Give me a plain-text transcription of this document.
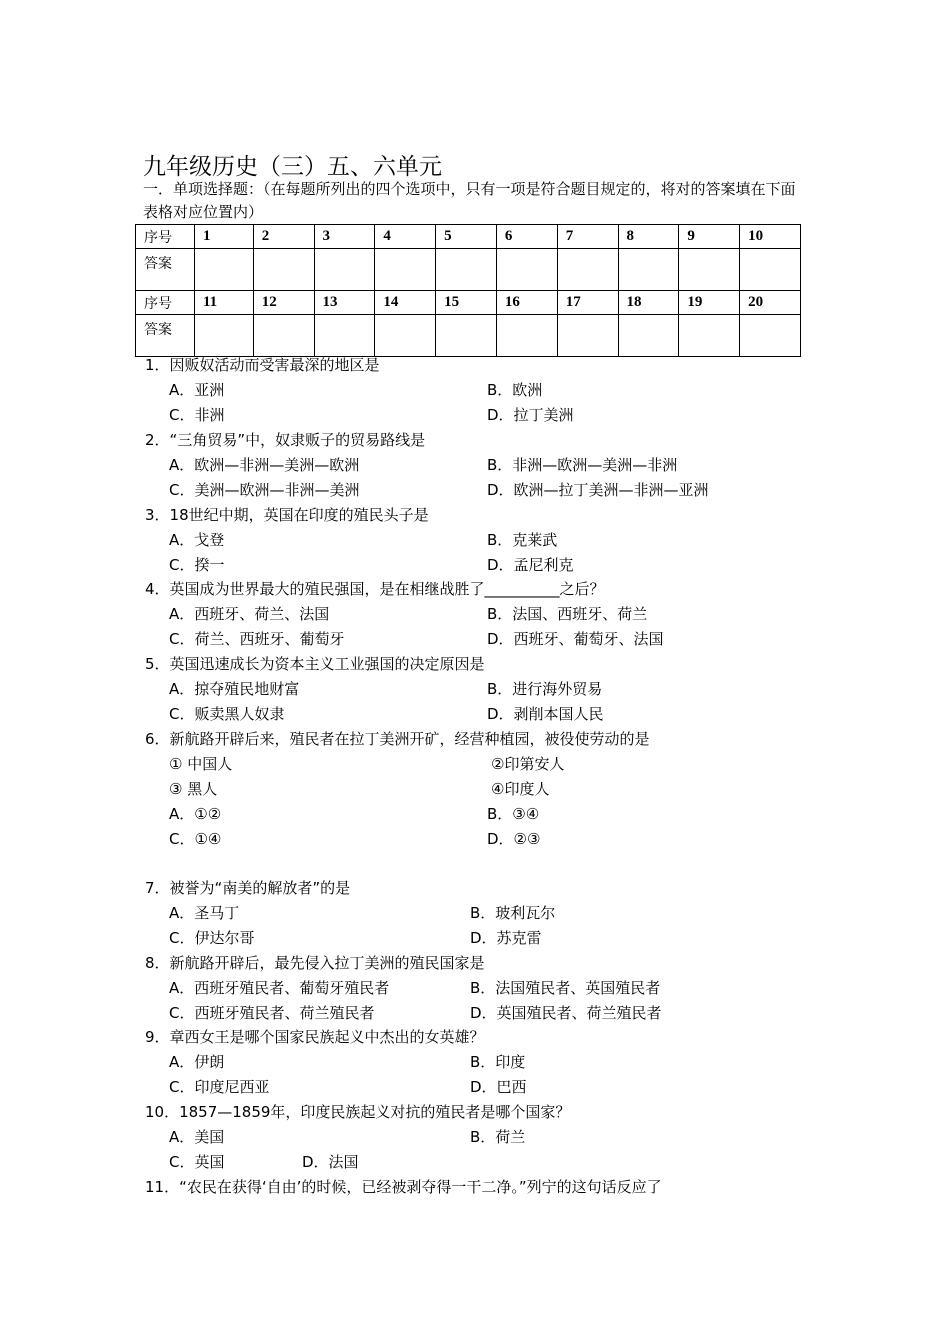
九年级历史（三）五、六单元
一．单项选择题：（在每题所列出的四个选项中，只有一项是符合题目规定的，将对的答案填在下面表格对应位置内）
序号	1	2	3	4	5	6	7	8	9	10
答案										
序号	11	12	13	14	15	16	17	18	19	20
答案										
1．因贩奴活动而受害最深的地区是
A．亚洲	B．欧洲
C．非洲	D．拉丁美洲
2．“三角贸易”中，奴隶贩子的贸易路线是
A．欧洲—非洲—美洲—欧洲	B．非洲—欧洲—美洲—非洲
C．美洲—欧洲—非洲—美洲	D．欧洲—拉丁美洲—非洲—亚洲
3．18世纪中期，英国在印度的殖民头子是
A．戈登	B．克莱武
C．揆一	D．孟尼利克
4．英国成为世界最大的殖民强国，是在相继战胜了__________之后？
A．西班牙、荷兰、法国	B．法国、西班牙、荷兰
C．荷兰、西班牙、葡萄牙	D．西班牙、葡萄牙、法国
5．英国迅速成长为资本主义工业强国的决定原因是
A．掠夺殖民地财富	B．进行海外贸易
C．贩卖黑人奴隶	D．剥削本国人民
6．新航路开辟后来，殖民者在拉丁美洲开矿，经营种植园，被役使劳动的是
① 中国人	②印第安人
③ 黑人	④印度人
A．①②	B．③④
C．①④	D．②③
7．被誉为“南美的解放者”的是
A．圣马丁	B．玻利瓦尔
C．伊达尔哥	D．苏克雷
8．新航路开辟后，最先侵入拉丁美洲的殖民国家是
A．西班牙殖民者、葡萄牙殖民者	B．法国殖民者、英国殖民者
C．西班牙殖民者、荷兰殖民者	D．英国殖民者、荷兰殖民者
9．章西女王是哪个国家民族起义中杰出的女英雄？
A．伊朗	B．印度
C．印度尼西亚	D．巴西
10．1857—1859年，印度民族起义对抗的殖民者是哪个国家？
A．美国	B．荷兰
C．英国	D．法国
11．“农民在获得‘自由’的时候，已经被剥夺得一干二净。”列宁的这句话反应了
